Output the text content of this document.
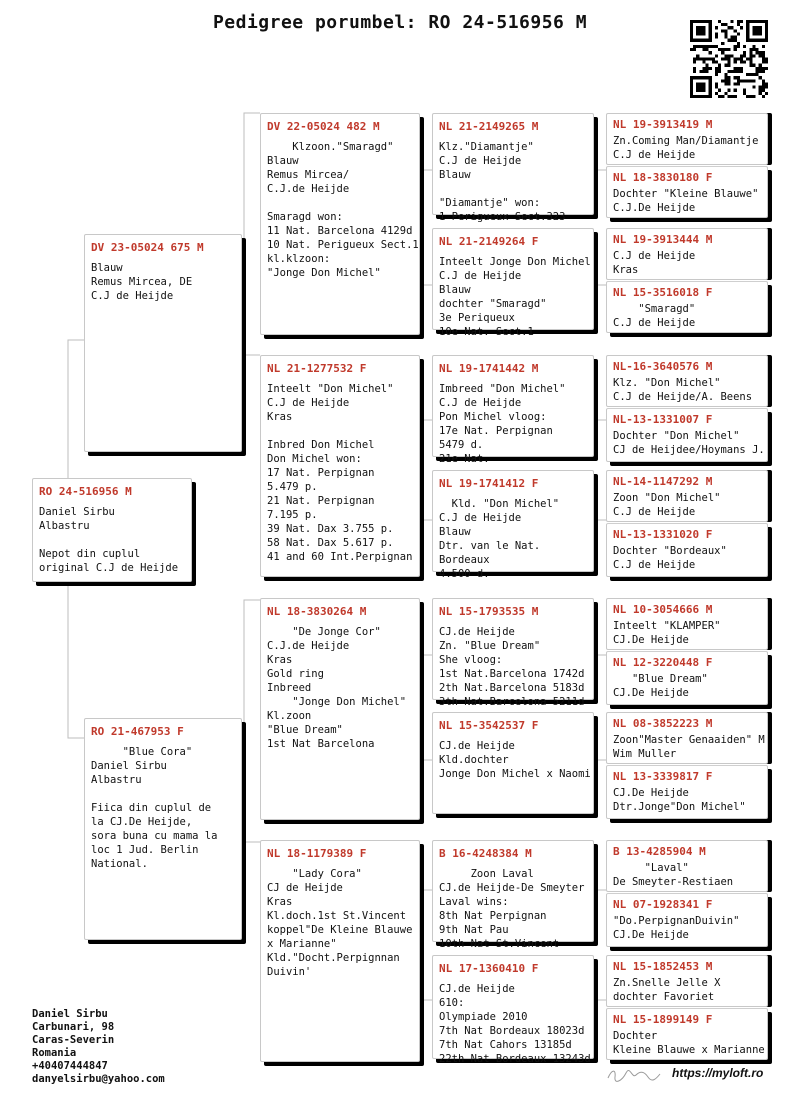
Pedigree porumbel: RO 24-516956 M
RO 24-516956 M
Daniel Sirbu
Albastru

Nepot din cuplul
original C.J de Heijde
DV 23-05024 675 M
Blauw
Remus Mircea, DE
C.J de Heijde
RO 21-467953 F
"Blue Cora"
Daniel Sirbu
Albastru

Fiica din cuplul de
la CJ.De Heijde,
sora buna cu mama la
loc 1 Jud. Berlin
National.
DV 22-05024 482 M
Klzoon."Smaragd"
Blauw
Remus Mircea/
C.J.de Heijde

Smaragd won:
11 Nat. Barcelona 4129d
10 Nat. Perigueux Sect.1
kl.klzoon:
"Jonge Don Michel"
NL 21-1277532 F
Inteelt "Don Michel"
C.J de Heijde
Kras

Inbred Don Michel
Don Michel won:
17 Nat. Perpignan
5.479 p.
21 Nat. Perpignan
7.195 p.
39 Nat. Dax 3.755 p.
58 Nat. Dax 5.617 p.
41 and 60 Int.Perpignan
NL 18-3830264 M
"De Jonge Cor"
C.J.de Heijde
Kras
Gold ring
Inbreed
"Jonge Don Michel"
Kl.zoon
"Blue Dream"
1st Nat Barcelona
NL 18-1179389 F
"Lady Cora"
CJ de Heijde
Kras
Kl.doch.1st St.Vincent
koppel"De Kleine Blauwe
x Marianne"
Kld."Docht.Perpignnan
Duivin'
NL 21-2149265 M
Klz."Diamantje"
C.J de Heijde
Blauw

"Diamantje" won:
1 Perigueux Sect.323
NL 21-2149264 F
Inteelt Jonge Don Michel
C.J de Heijde
Blauw
dochter "Smaragd"
3e Periqueux
10e Nat. Sect.1
NL 19-1741442 M
Imbreed "Don Michel"
C.J de Heijde
Pon Michel vloog:
17e Nat. Perpignan
5479 d.
21e Nat.
NL 19-1741412 F
Kld. "Don Michel"
C.J de Heijde
Blauw
Dtr. van le Nat.
Bordeaux
4.500 d.
NL 15-1793535 M
CJ.de Heijde
Zn. "Blue Dream"
She vloog:
1st Nat.Barcelona 1742d
2th Nat.Barcelona 5183d
3th Nat.Barcelona 5211d
NL 15-3542537 F
CJ.de Heijde
Kld.dochter
Jonge Don Michel x Naomi
B 16-4248384 M
Zoon Laval
CJ.de Heijde-De Smeyter
Laval wins:
8th Nat Perpignan
9th Nat Pau
10th Nat St.Vincent
NL 17-1360410 F
CJ.de Heijde
610:
Olympiade 2010
7th Nat Bordeaux 18023d
7th Nat Cahors 13185d
22th Nat Bordeaux 13243d
NL 19-3913419 M
Zn.Coming Man/Diamantje
C.J de Heijde
NL 18-3830180 F
Dochter "Kleine Blauwe"
C.J.De Heijde
NL 19-3913444 M
C.J de Heijde
Kras
NL 15-3516018 F
"Smaragd"
C.J de Heijde
NL-16-3640576 M
Klz. "Don Michel"
C.J de Heijde/A. Beens
NL-13-1331007 F
Dochter "Don Michel"
CJ de Heijdee/Hoymans J.
NL-14-1147292 M
Zoon "Don Michel"
C.J de Heijde
NL-13-1331020 F
Dochter "Bordeaux"
C.J de Heijde
NL 10-3054666 M
Inteelt "KLAMPER"
CJ.De Heijde
NL 12-3220448 F
"Blue Dream"
CJ.De Heijde
NL 08-3852223 M
Zoon"Master Genaaiden" M
Wim Muller
NL 13-3339817 F
CJ.De Heijde
Dtr.Jonge"Don Michel"
B 13-4285904 M
"Laval"
De Smeyter-Restiaen
NL 07-1928341 F
"Do.PerpignanDuivin"
CJ.De Heijde
NL 15-1852453 M
Zn.Snelle Jelle X
dochter Favoriet
NL 15-1899149 F
Dochter
Kleine Blauwe x Marianne
Daniel Sirbu
Carbunari, 98
Caras-Severin
Romania
+40407444847
danyelsirbu@yahoo.com	https://myloft.ro
